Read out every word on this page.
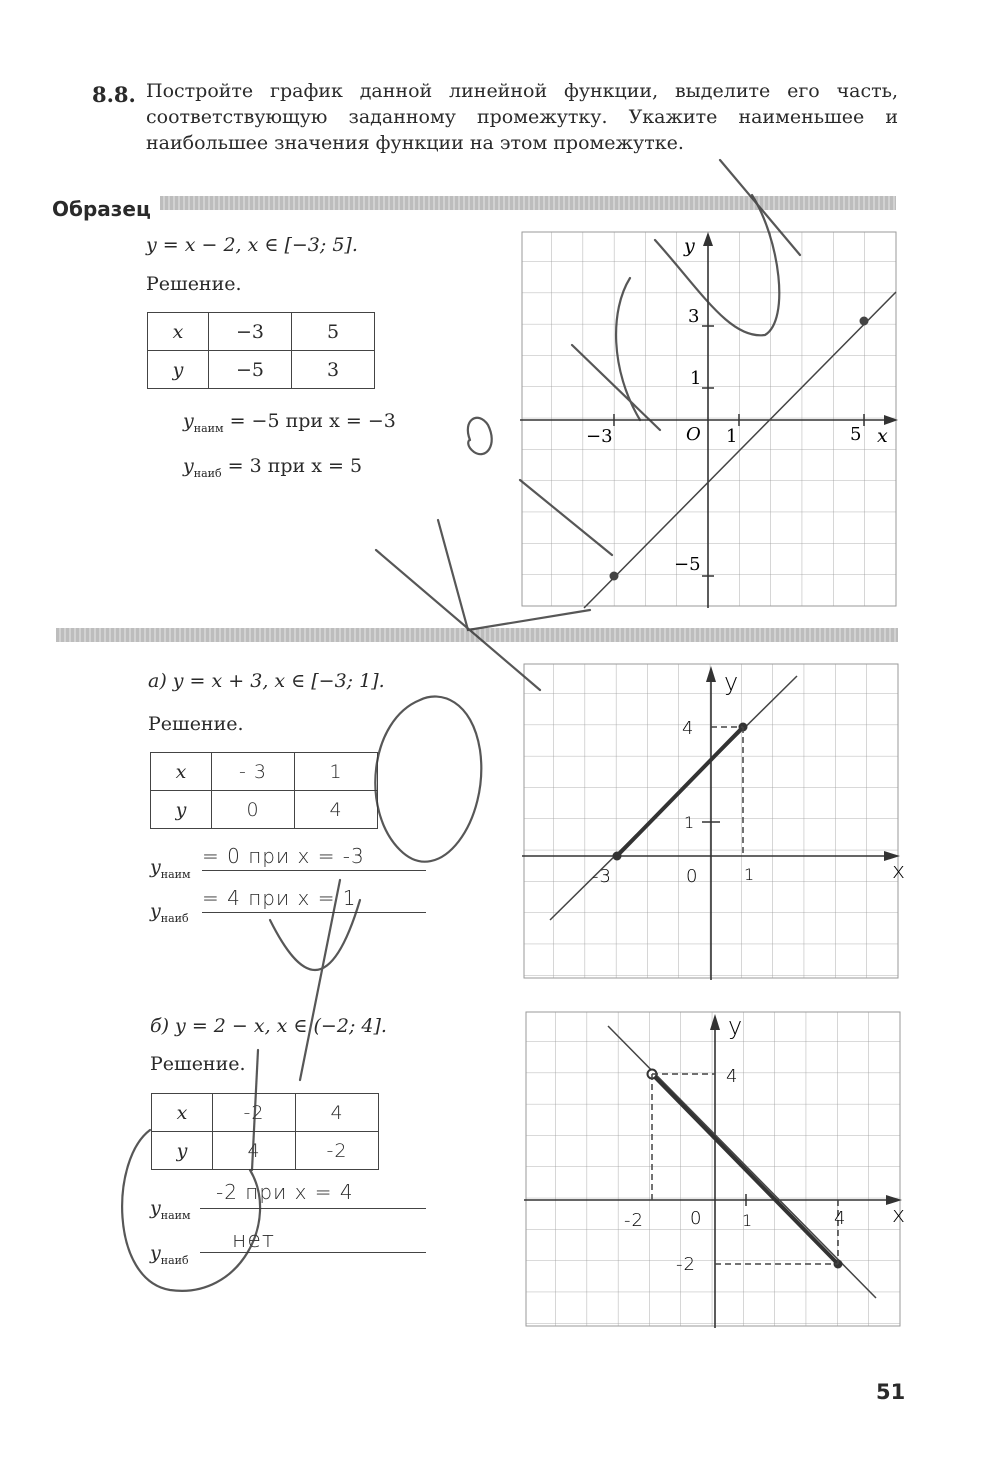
8.8. Постройте график данной линейной функции, выделите его часть, соответствующую заданному промежутку. Укажите наименьшее и наибольшее значения функции на этом промежутке.
Образец
y = x − 2, x ∈ [−3; 5].
Решение.
x	−3	5
y	−5	3
$y_{наим} = -5$ при x = −3
$y_{наиб} = 3$ при x = 5
y
x
O
3
1
−3	1	5
−5
а) y = x + 3, x ∈ [−3; 1].
Решение.
x	- 3	1
y	0	4
$y_{наим}$
= 0 при x = -3
$y_{наиб}$
= 4 при x = 1
y
x
0
4
1
-3	1
б) y = 2 − x, x ∈ (−2; 4].
Решение.
x	-2	4
y	4	-2
$y_{наим}$
-2 при x = 4
$y_{наиб}$
нет
y
x
0
4
-2	1	4
-2
51
